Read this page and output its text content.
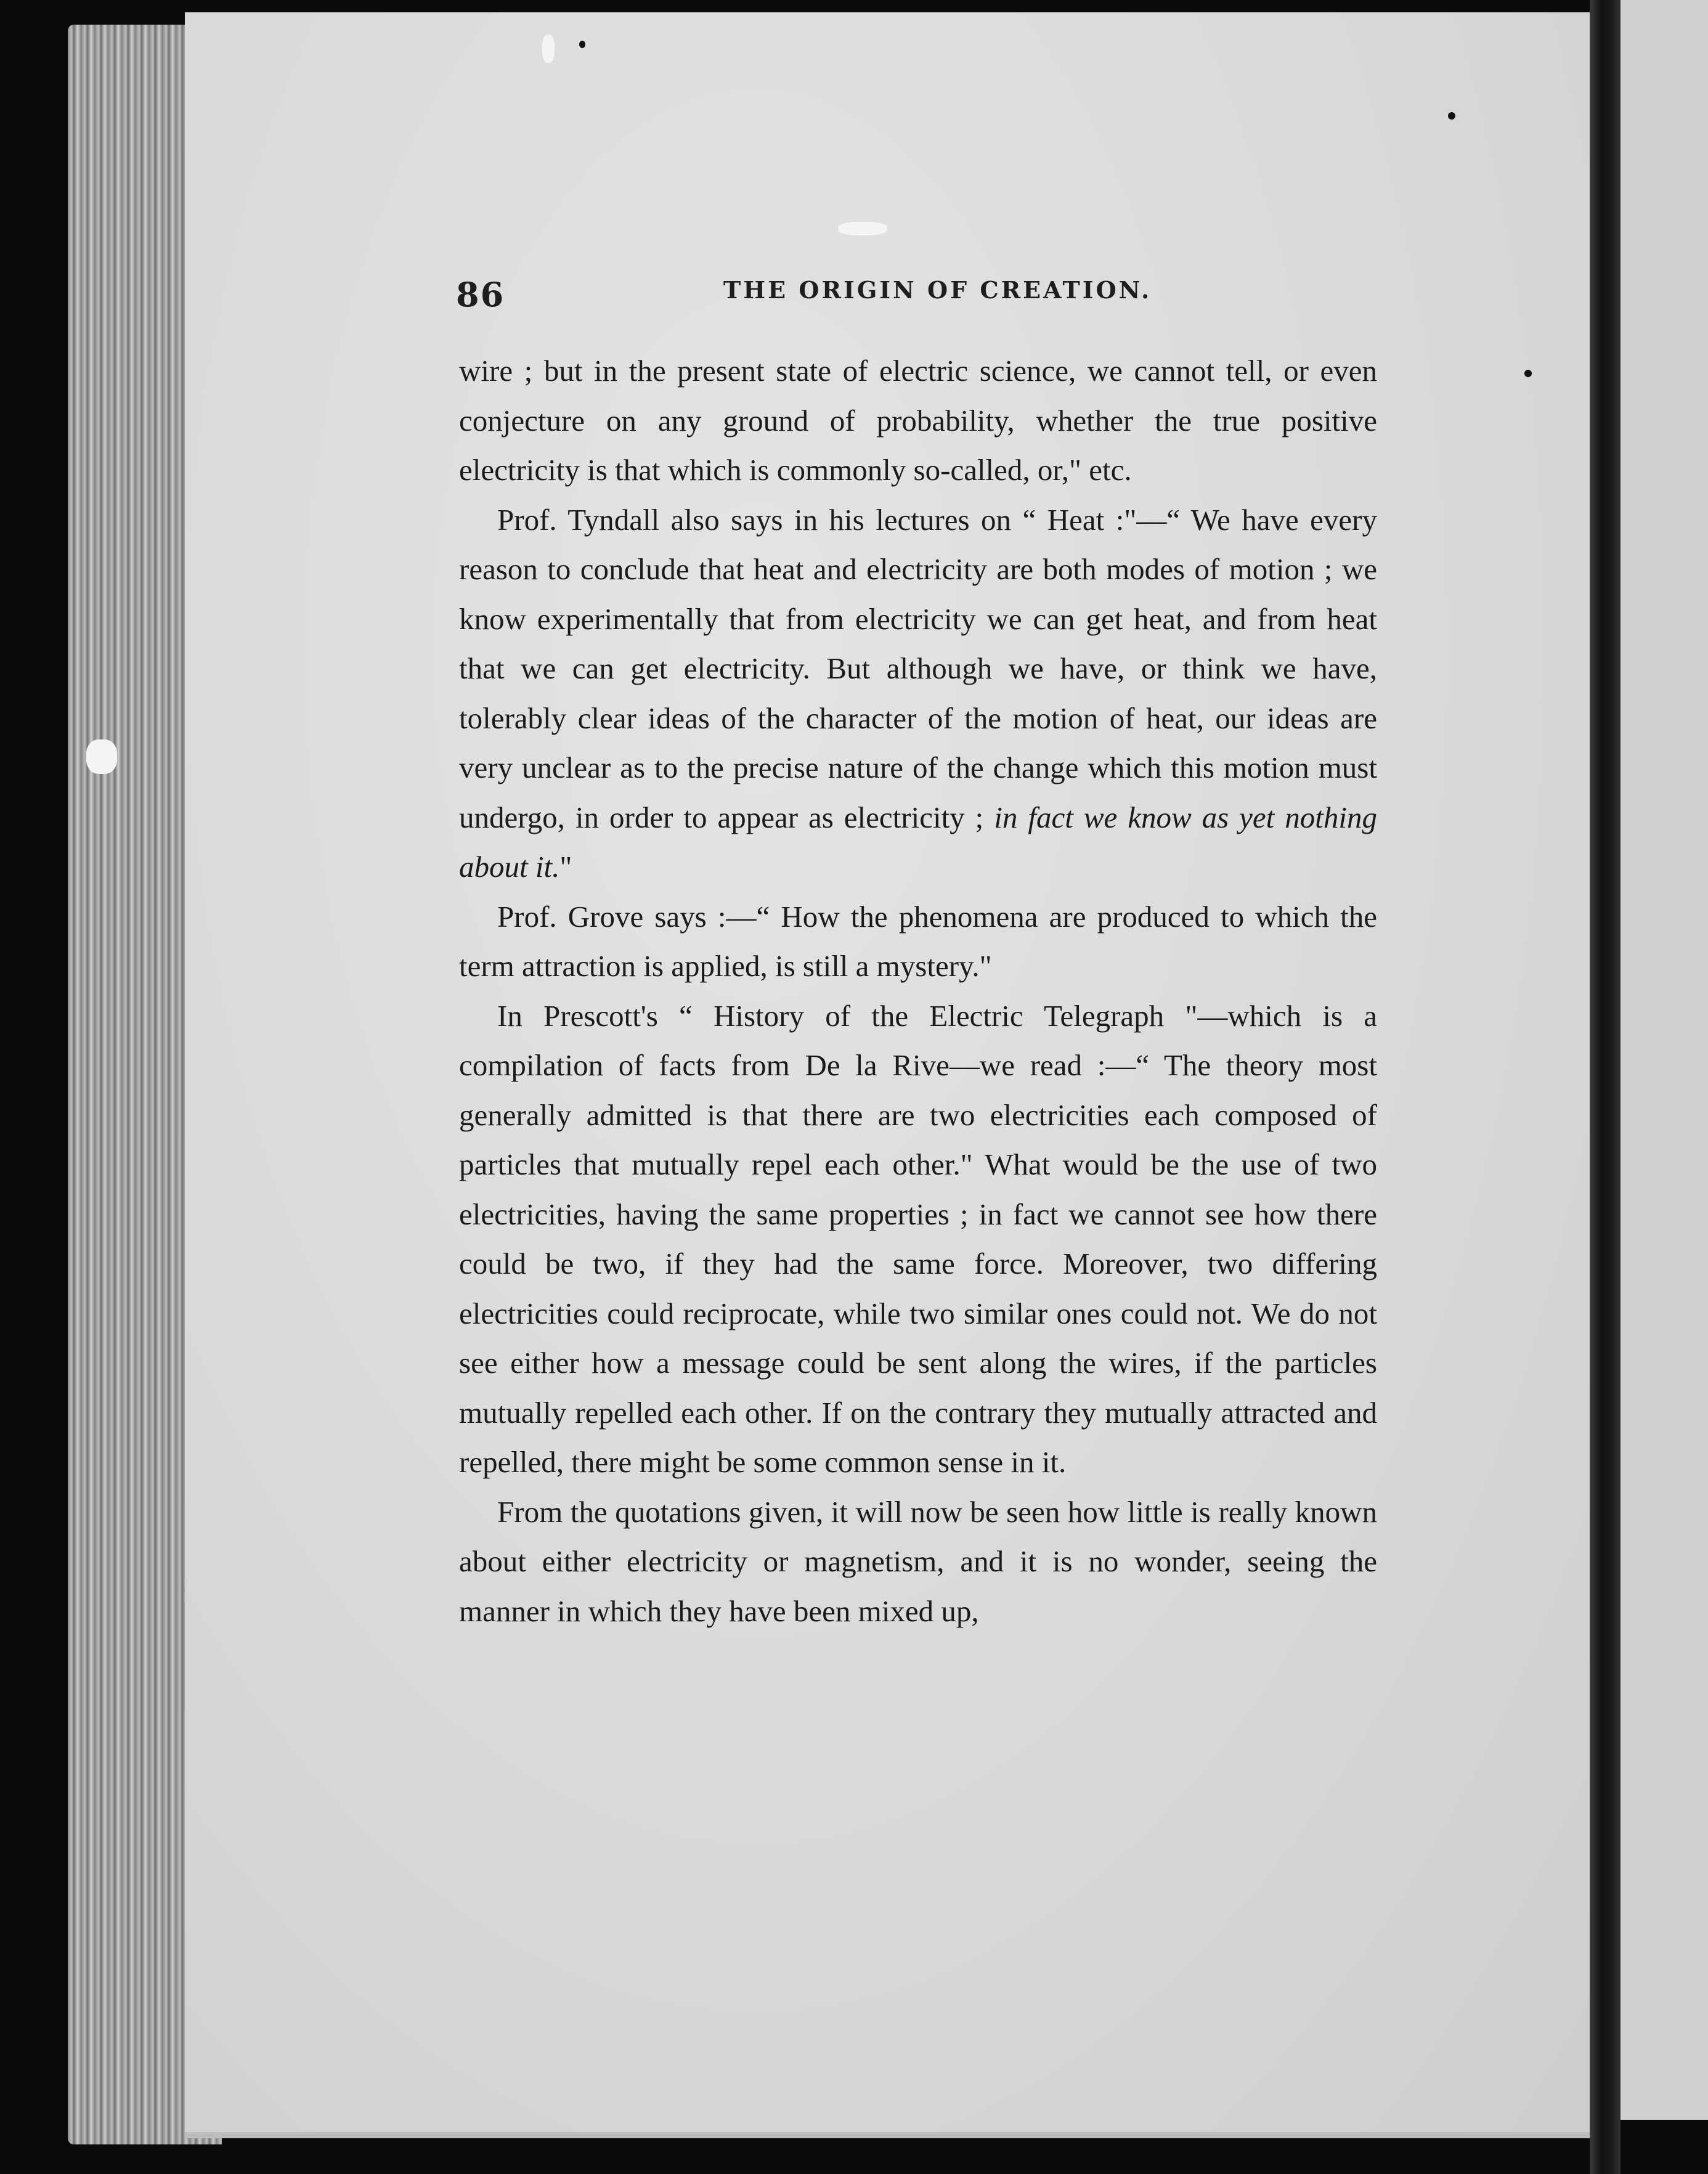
86	THE ORIGIN OF CREATION.

wire ; but in the present state of electric science, we cannot tell, or even conjecture on any ground of probability, whether the true positive electricity is that which is commonly so-called, or," etc.

Prof. Tyndall also says in his lectures on “ Heat :"—“ We have every reason to conclude that heat and electricity are both modes of motion ; we know experimentally that from electricity we can get heat, and from heat that we can get electricity. But although we have, or think we have, tolerably clear ideas of the character of the motion of heat, our ideas are very unclear as to the precise nature of the change which this motion must undergo, in order to appear as electricity ; in fact we know as yet nothing about it."

Prof. Grove says :—“ How the phenomena are produced to which the term attraction is applied, is still a mystery."

In Prescott's “ History of the Electric Telegraph "—which is a compilation of facts from De la Rive—we read :—“ The theory most generally admitted is that there are two electricities each composed of particles that mutually repel each other." What would be the use of two electricities, having the same properties ; in fact we cannot see how there could be two, if they had the same force. Moreover, two differing electricities could reciprocate, while two similar ones could not. We do not see either how a message could be sent along the wires, if the particles mutually repelled each other. If on the contrary they mutually attracted and repelled, there might be some common sense in it.

From the quotations given, it will now be seen how little is really known about either electricity or magnetism, and it is no wonder, seeing the manner in which they have been mixed up,
